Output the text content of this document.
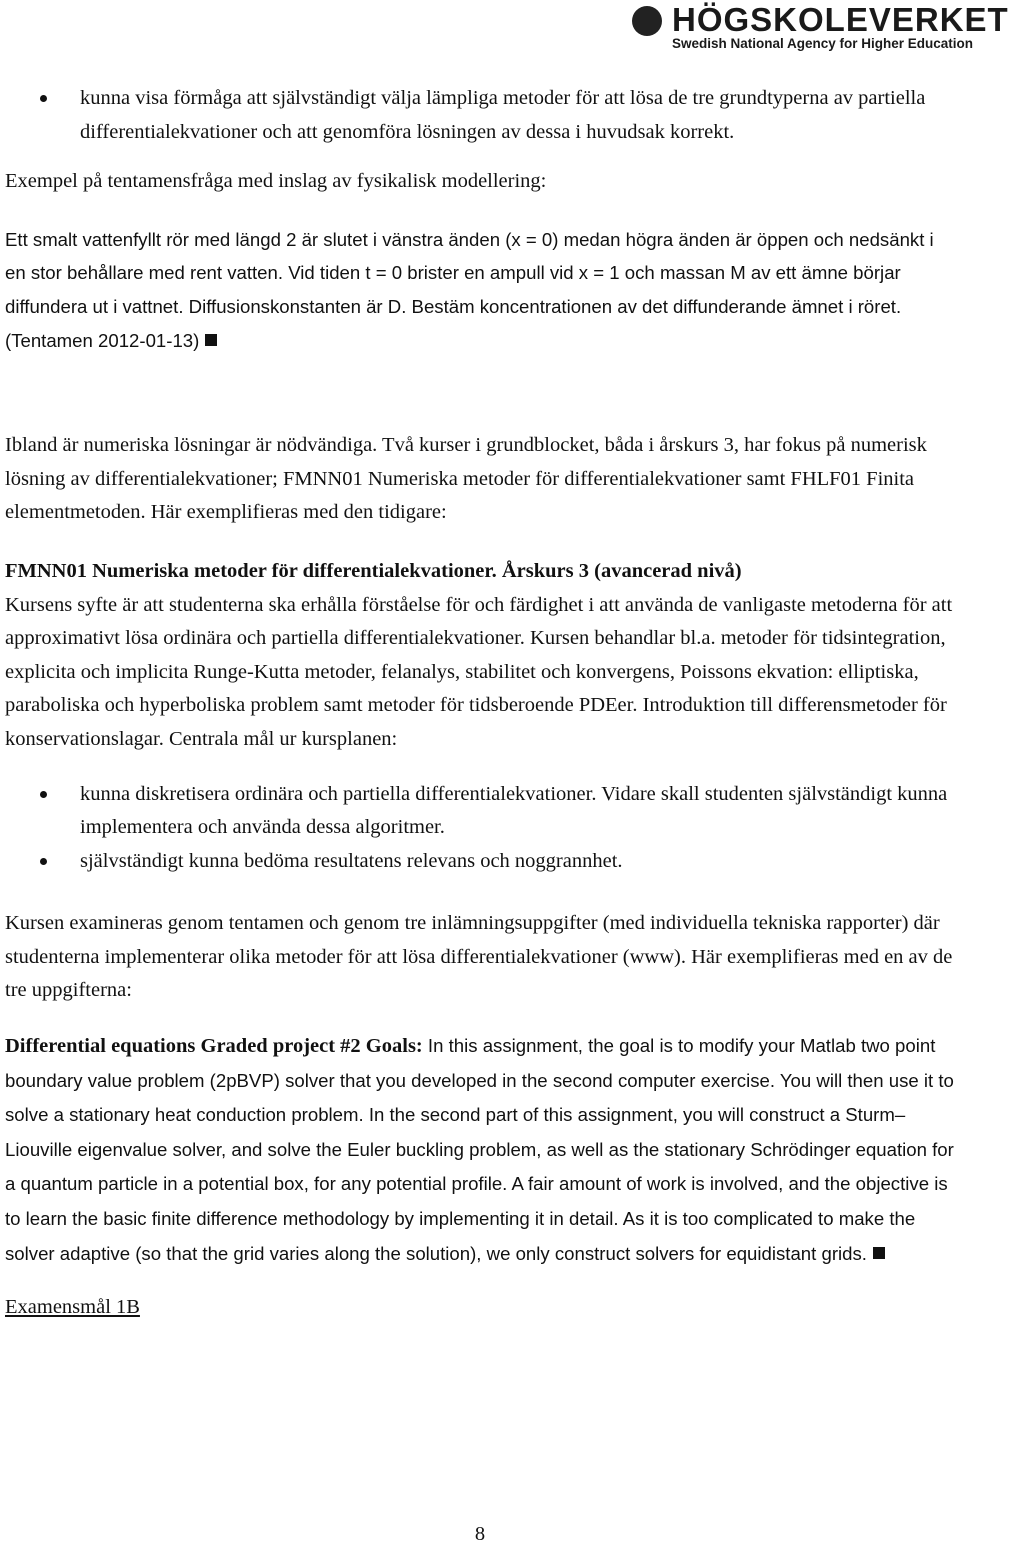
HÖGSKOLEVERKET
Swedish National Agency for Higher Education
kunna visa förmåga att självständigt välja lämpliga metoder för att lösa de tre grundtyperna av partiella differentialekvationer och att genomföra lösningen av dessa i huvudsak korrekt.

Exempel på tentamensfråga med inslag av fysikalisk modellering:

Ett smalt vattenfyllt rör med längd 2 är slutet i vänstra änden (x = 0) medan högra änden är öppen och nedsänkt i en stor behållare med rent vatten. Vid tiden t = 0 brister en ampull vid x = 1 och massan M av ett ämne börjar diffundera ut i vattnet. Diffusionskonstanten är D. Bestäm koncentrationen av det diffunderande ämnet i röret. (Tentamen 2012-01-13)

Ibland är numeriska lösningar är nödvändiga. Två kurser i grundblocket, båda i årskurs 3, har fokus på numerisk lösning av differentialekvationer; FMNN01 Numeriska metoder för differentialekvationer samt FHLF01 Finita elementmetoden. Här exemplifieras med den tidigare:

FMNN01 Numeriska metoder för differentialekvationer. Årskurs 3 (avancerad nivå)
Kursens syfte är att studenterna ska erhålla förståelse för och färdighet i att använda de vanligaste metoderna för att approximativt lösa ordinära och partiella differentialekvationer. Kursen behandlar bl.a. metoder för tidsintegration, explicita och implicita Runge-Kutta metoder, felanalys, stabilitet och konvergens, Poissons ekvation: elliptiska, paraboliska och hyperboliska problem samt metoder för tidsberoende PDEer. Introduktion till differensmetoder för konservationslagar. Centrala mål ur kursplanen:

kunna diskretisera ordinära och partiella differentialekvationer. Vidare skall studenten självständigt kunna implementera och använda dessa algoritmer.
självständigt kunna bedöma resultatens relevans och noggrannhet.

Kursen examineras genom tentamen och genom tre inlämningsuppgifter (med individuella tekniska rapporter) där studenterna implementerar olika metoder för att lösa differentialekvationer (www). Här exemplifieras med en av de tre uppgifterna:

Differential equations Graded project #2 Goals: In this assignment, the goal is to modify your Matlab two point boundary value problem (2pBVP) solver that you developed in the second computer exercise. You will then use it to solve a stationary heat conduction problem. In the second part of this assignment, you will construct a Sturm–Liouville eigenvalue solver, and solve the Euler buckling problem, as well as the stationary Schrödinger equation for a quantum particle in a potential box, for any potential profile. A fair amount of work is involved, and the objective is to learn the basic finite difference methodology by implementing it in detail. As it is too complicated to make the solver adaptive (so that the grid varies along the solution), we only construct solvers for equidistant grids.

Examensmål 1B

8
